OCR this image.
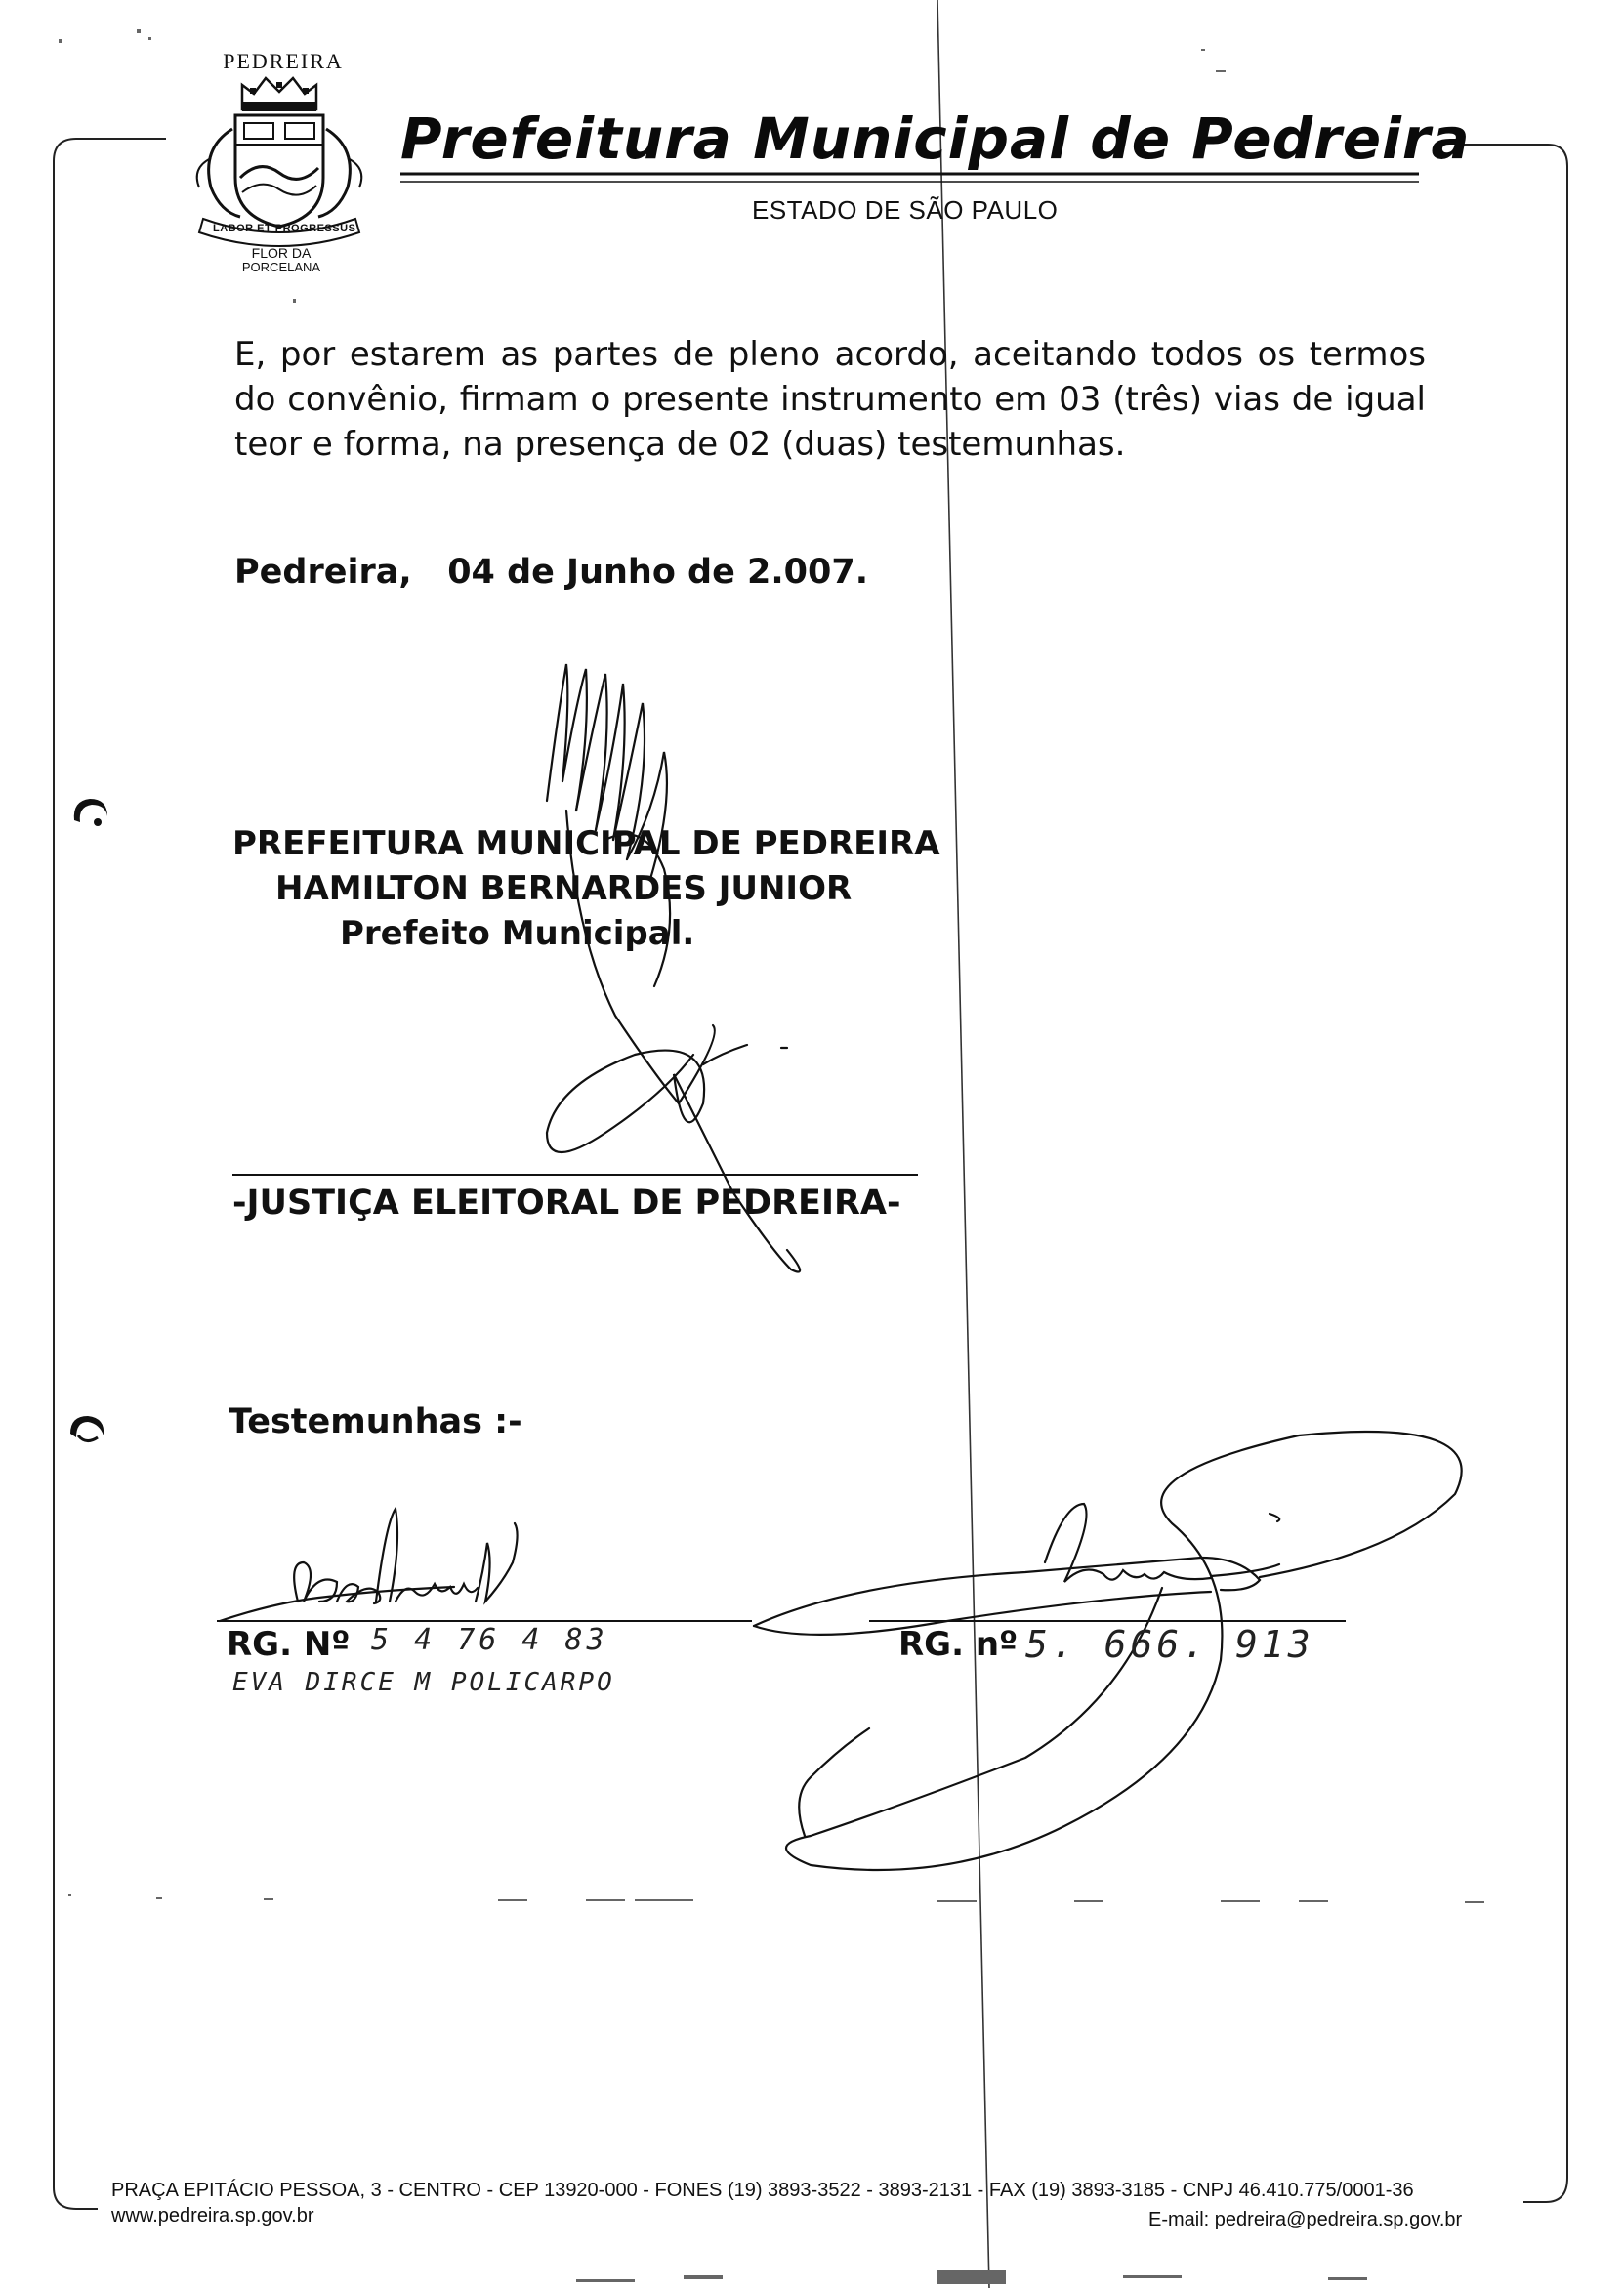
PEDREIRA
LABOR ET PROGRESSUS
FLOR DA
PORCELANA
Prefeitura Municipal de Pedreira
ESTADO DE SÃO PAULO

E, por estarem as partes de pleno acordo, aceitando todos os termos do convênio, firmam o presente instrumento em 03 (três) vias de igual teor e forma, na presença de 02 (duas) testemunhas.

Pedreira, 04 de Junho de 2.007.
PREFEITURA MUNICIPAL DE PEDREIRA
HAMILTON BERNARDES JUNIOR
Prefeito Municipal.
-JUSTIÇA ELEITORAL DE PEDREIRA-
Testemunhas :-
RG. Nº 5 4 76 4 83
EVA DIRCE M POLICARPO
RG. nº 5. 666. 913
PRAÇA EPITÁCIO PESSOA, 3 - CENTRO - CEP 13920-000 - FONES (19) 3893-3522 - 3893-2131 - FAX (19) 3893-3185 - CNPJ 46.410.775/0001-36
www.pedreira.sp.gov.br	E-mail: pedreira@pedreira.sp.gov.br
